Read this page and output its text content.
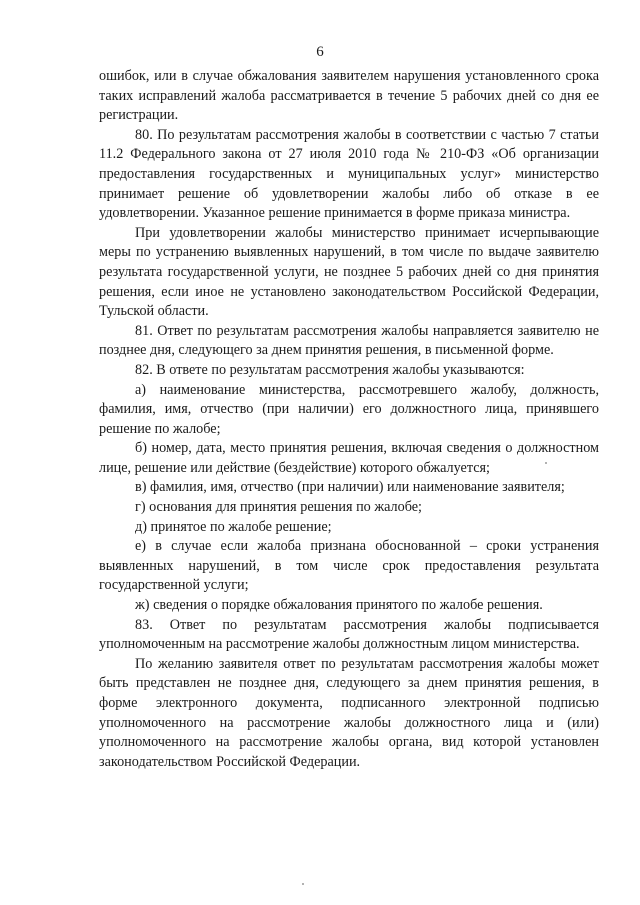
6

ошибок, или в случае обжалования заявителем нарушения установленного срока таких исправлений жалоба рассматривается в течение 5 рабочих дней со дня ее регистрации.

80. По результатам рассмотрения жалобы в соответствии с частью 7 статьи 11.2 Федерального закона от 27 июля 2010 года № 210-ФЗ «Об организации предоставления государственных и муниципальных услуг» министерство принимает решение об удовлетворении жалобы либо об отказе в ее удовлетворении. Указанное решение принимается в форме приказа министра.

При удовлетворении жалобы министерство принимает исчерпывающие меры по устранению выявленных нарушений, в том числе по выдаче заявителю результата государственной услуги, не позднее 5 рабочих дней со дня принятия решения, если иное не установлено законодательством Российской Федерации, Тульской области.

81. Ответ по результатам рассмотрения жалобы направляется заявителю не позднее дня, следующего за днем принятия решения, в письменной форме.

82. В ответе по результатам рассмотрения жалобы указываются:

а) наименование министерства, рассмотревшего жалобу, должность, фамилия, имя, отчество (при наличии) его должностного лица, принявшего решение по жалобе;

б) номер, дата, место принятия решения, включая сведения о должностном лице, решение или действие (бездействие) которого обжалуется;

в) фамилия, имя, отчество (при наличии) или наименование заявителя;

г) основания для принятия решения по жалобе;

д) принятое по жалобе решение;

е) в случае если жалоба признана обоснованной – сроки устранения выявленных нарушений, в том числе срок предоставления результата государственной услуги;

ж) сведения о порядке обжалования принятого по жалобе решения.

83. Ответ по результатам рассмотрения жалобы подписывается уполномоченным на рассмотрение жалобы должностным лицом министерства.

По желанию заявителя ответ по результатам рассмотрения жалобы может быть представлен не позднее дня, следующего за днем принятия решения, в форме электронного документа, подписанного электронной подписью уполномоченного на рассмотрение жалобы должностного лица и (или) уполномоченного на рассмотрение жалобы органа, вид которой установлен законодательством Российской Федерации.
